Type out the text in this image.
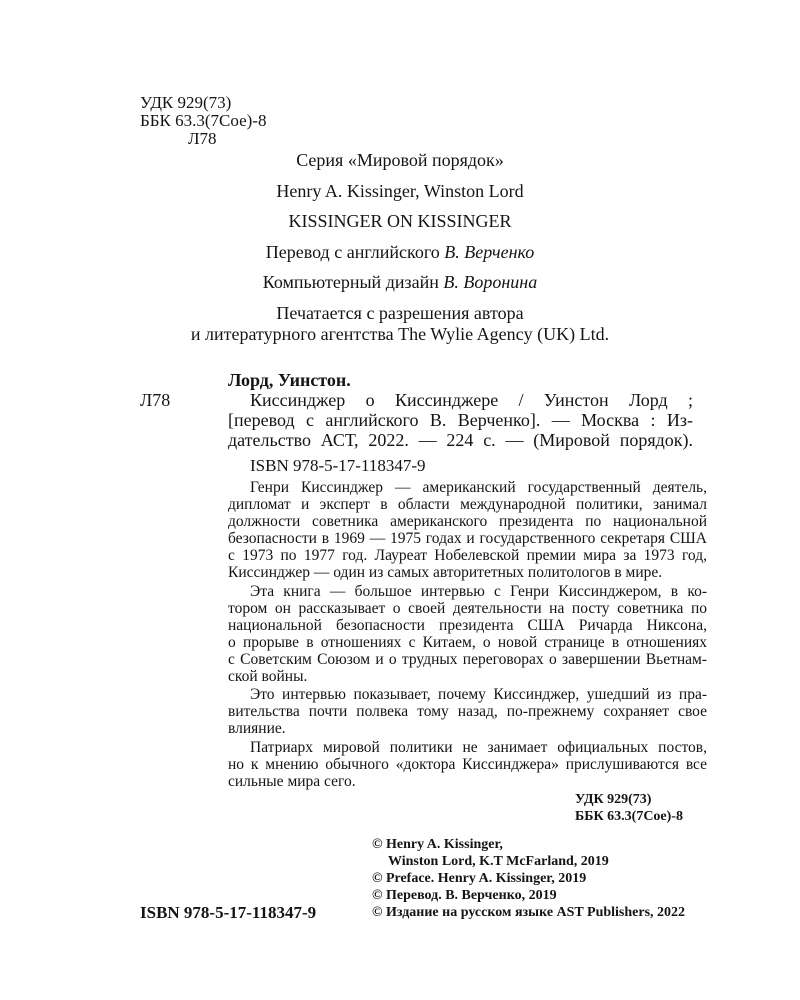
УДК 929(73)
ББК 63.3(7Сое)-8
Л78
Серия «Мировой порядок»
Henry A. Kissinger, Winston Lord
KISSINGER ON KISSINGER
Перевод с английского В. Верченко
Компьютерный дизайн В. Воронина
Печатается с разрешения автора
и литературного агентства The Wylie Agency (UK) Ltd.
Лорд, Уинстон.
Л78	Киссинджер о Киссинджере / Уинстон Лорд ;
[перевод с английского В. Верченко]. — Москва : Из-
дательство АСТ, 2022. — 224 с. — (Мировой порядок).
ISBN 978-5-17-118347-9
Генри Киссинджер — американский государственный деятель,
дипломат и эксперт в области международной политики, занимал
должности советника американского президента по национальной
безопасности в 1969 — 1975 годах и государственного секретаря США
с 1973 по 1977 год. Лауреат Нобелевской премии мира за 1973 год,
Киссинджер — один из самых авторитетных политологов в мире.
Эта книга — большое интервью с Генри Киссинджером, в ко-
тором он рассказывает о своей деятельности на посту советника по
национальной безопасности президента США Ричарда Никсона,
о прорыве в отношениях с Китаем, о новой странице в отношениях
с Советским Союзом и о трудных переговорах о завершении Вьетнам-
ской войны.
Это интервью показывает, почему Киссинджер, ушедший из пра-
вительства почти полвека тому назад, по-прежнему сохраняет свое
влияние.
Патриарх мировой политики не занимает официальных постов,
но к мнению обычного «доктора Киссинджера» прислушиваются все
сильные мира сего.
УДК 929(73)
ББК 63.3(7Сое)-8
© Henry A. Kissinger,
Winston Lord, K.T McFarland, 2019
© Preface. Henry A. Kissinger, 2019
© Перевод. В. Верченко, 2019
© Издание на русском языке AST Publishers, 2022
ISBN 978-5-17-118347-9
